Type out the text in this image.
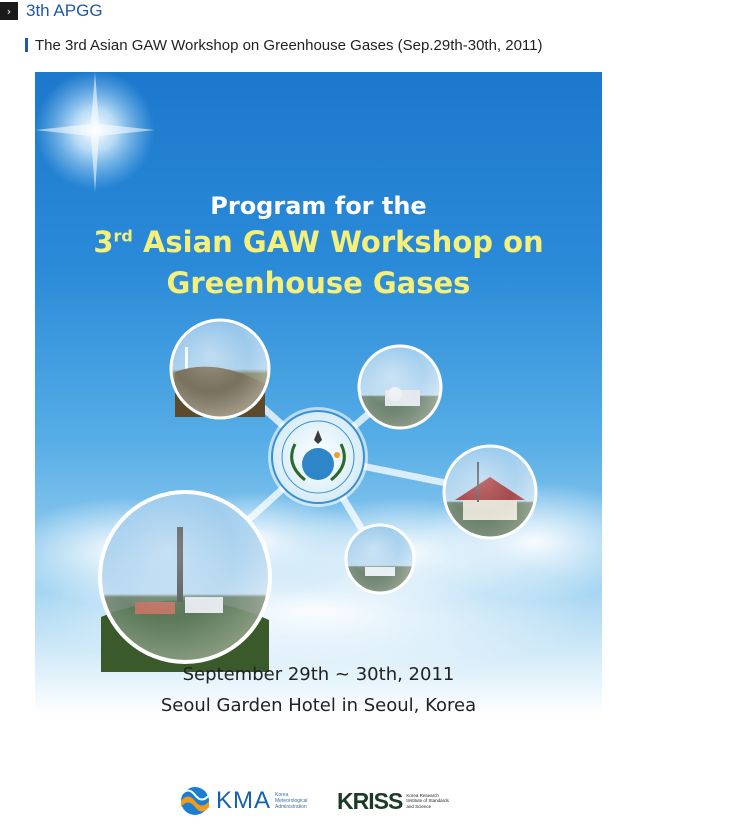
› 3th APGG
The 3rd Asian GAW Workshop on Greenhouse Gases (Sep.29th-30th, 2011)
Program for the
3rd Asian GAW Workshop on
Greenhouse Gases
September 29th ~ 30th, 2011
Seoul Garden Hotel in Seoul, Korea
KMA Korea Meteorological Administration	KRISS Korea Research Institute of Standards and Science
